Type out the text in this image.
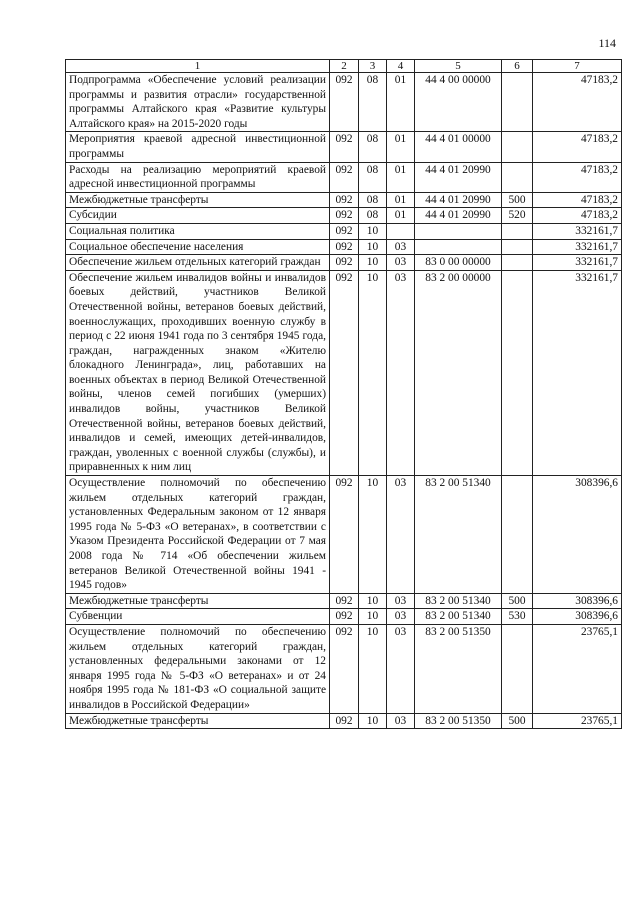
114
1	2	3	4	5	6	7
Подпрограмма «Обеспечение условий реализации программы и развития отрасли» государственной программы Алтайского края «Развитие культуры Алтайского края» на 2015-2020 годы	092	08	01	44 4 00 00000		47183,2
Мероприятия краевой адресной инвестиционной программы	092	08	01	44 4 01 00000		47183,2
Расходы на реализацию мероприятий краевой адресной инвестиционной программы	092	08	01	44 4 01 20990		47183,2
Межбюджетные трансферты	092	08	01	44 4 01 20990	500	47183,2
Субсидии	092	08	01	44 4 01 20990	520	47183,2
Социальная политика	092	10				332161,7
Социальное обеспечение населения	092	10	03			332161,7
Обеспечение жильем отдельных категорий граждан	092	10	03	83 0 00 00000		332161,7
Обеспечение жильем инвалидов войны и инвалидов боевых действий, участников Великой Отечественной войны, ветеранов боевых действий, военнослужащих, проходивших военную службу в период с 22 июня 1941 года по 3 сентября 1945 года, граждан, награжденных знаком «Жителю блокадного Ленинграда», лиц, работавших на военных объектах в период Великой Отечественной войны, членов семей погибших (умерших) инвалидов войны, участников Великой Отечественной войны, ветеранов боевых действий, инвалидов и семей, имеющих детей-инвалидов, граждан, уволенных с военной службы (службы), и приравненных к ним лиц	092	10	03	83 2 00 00000		332161,7
Осуществление полномочий по обеспечению жильем отдельных категорий граждан, установленных Федеральным законом от 12 января 1995 года № 5-ФЗ «О ветеранах», в соответствии с Указом Президента Российской Федерации от 7 мая 2008 года № 714 «Об обеспечении жильем ветеранов Великой Отечественной войны 1941 - 1945 годов»	092	10	03	83 2 00 51340		308396,6
Межбюджетные трансферты	092	10	03	83 2 00 51340	500	308396,6
Субвенции	092	10	03	83 2 00 51340	530	308396,6
Осуществление полномочий по обеспечению жильем отдельных категорий граждан, установленных федеральными законами от 12 января 1995 года № 5-ФЗ «О ветеранах» и от 24 ноября 1995 года № 181-ФЗ «О социальной защите инвалидов в Российской Федерации»	092	10	03	83 2 00 51350		23765,1
Межбюджетные трансферты	092	10	03	83 2 00 51350	500	23765,1
